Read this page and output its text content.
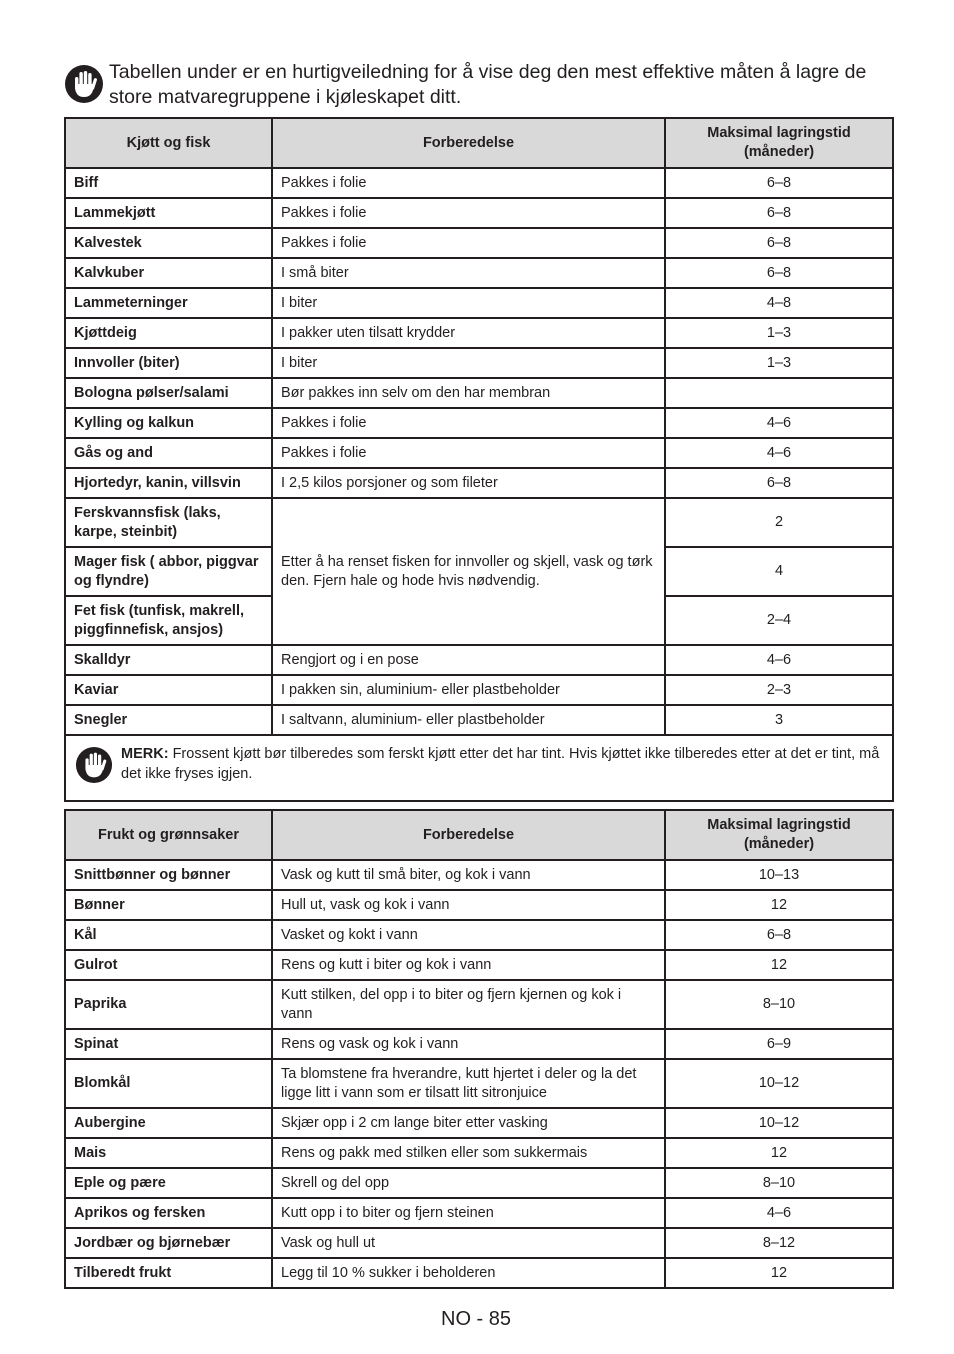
Tabellen under er en hurtigveiledning for å vise deg den mest effektive måten å lagre de store matvaregruppene i kjøleskapet ditt.
Kjøtt og fisk	Forberedelse	Maksimal lagringstid (måneder)
Biff	Pakkes i folie	6–8
Lammekjøtt	Pakkes i folie	6–8
Kalvestek	Pakkes i folie	6–8
Kalvkuber	I små biter	6–8
Lammeterninger	I biter	4–8
Kjøttdeig	I pakker uten tilsatt krydder	1–3
Innvoller (biter)	I biter	1–3
Bologna pølser/salami	Bør pakkes inn selv om den har membran	
Kylling og kalkun	Pakkes i folie	4–6
Gås og and	Pakkes i folie	4–6
Hjortedyr, kanin, villsvin	I 2,5 kilos porsjoner og som fileter	6–8
Ferskvannsfisk (laks, karpe, steinbit)	Etter å ha renset fisken for innvoller og skjell, vask og tørk den. Fjern hale og hode hvis nødvendig.	2
Mager fisk ( abbor, piggvar og flyndre)		4
Fet fisk (tunfisk, makrell, piggfinnefisk, ansjos)		2–4
Skalldyr	Rengjort og i en pose	4–6
Kaviar	I pakken sin, aluminium- eller plastbeholder	2–3
Snegler	I saltvann, aluminium- eller plastbeholder	3

MERK: Frossent kjøtt bør tilberedes som ferskt kjøtt etter det har tint. Hvis kjøttet ikke tilberedes etter at det er tint, må det ikke fryses igjen.		
Frukt og grønnsaker	Forberedelse	Maksimal lagringstid (måneder)
Snittbønner og bønner	Vask og kutt til små biter, og kok i vann	10–13
Bønner	Hull ut, vask og kok i vann	12
Kål	Vasket og kokt i vann	6–8
Gulrot	Rens og kutt i biter og kok i vann	12
Paprika	Kutt stilken, del opp i to biter og fjern kjernen og kok i vann	8–10
Spinat	Rens og vask og kok i vann	6–9
Blomkål	Ta blomstene fra hverandre, kutt hjertet i deler og la det ligge litt i vann som er tilsatt litt sitronjuice	10–12
Aubergine	Skjær opp i 2 cm lange biter etter vasking	10–12
Mais	Rens og pakk med stilken eller som sukkermais	12
Eple og pære	Skrell og del opp	8–10
Aprikos og fersken	Kutt opp i to biter og fjern steinen	4–6
Jordbær og bjørnebær	Vask og hull ut	8–12
Tilberedt frukt	Legg til 10 % sukker i beholderen	12
NO - 85
